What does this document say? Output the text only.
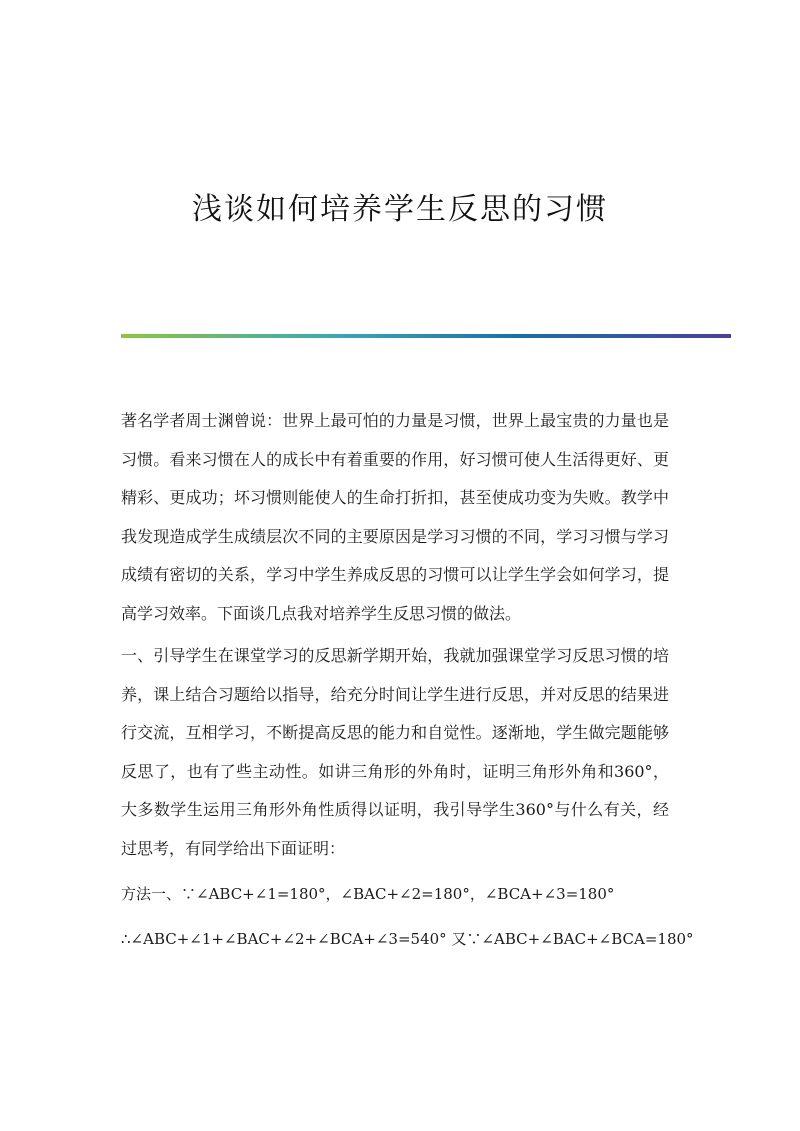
浅谈如何培养学生反思的习惯

著名学者周士渊曾说：世界上最可怕的力量是习惯，世界上最宝贵的力量也是习惯。看来习惯在人的成长中有着重要的作用，好习惯可使人生活得更好、更精彩、更成功；坏习惯则能使人的生命打折扣，甚至使成功变为失败。教学中我发现造成学生成绩层次不同的主要原因是学习习惯的不同，学习习惯与学习成绩有密切的关系，学习中学生养成反思的习惯可以让学生学会如何学习，提高学习效率。下面谈几点我对培养学生反思习惯的做法。

一、引导学生在课堂学习的反思新学期开始，我就加强课堂学习反思习惯的培养，课上结合习题给以指导，给充分时间让学生进行反思，并对反思的结果进行交流，互相学习，不断提高反思的能力和自觉性。逐渐地，学生做完题能够反思了，也有了些主动性。如讲三角形的外角时，证明三角形外角和360°，大多数学生运用三角形外角性质得以证明，我引导学生360°与什么有关，经过思考，有同学给出下面证明：

方法一、∵∠ABC+∠1=180°，∠BAC+∠2=180°，∠BCA+∠3=180°

∴∠ABC+∠1+∠BAC+∠2+∠BCA+∠3=540° 又∵∠ABC+∠BAC+∠BCA=180°
